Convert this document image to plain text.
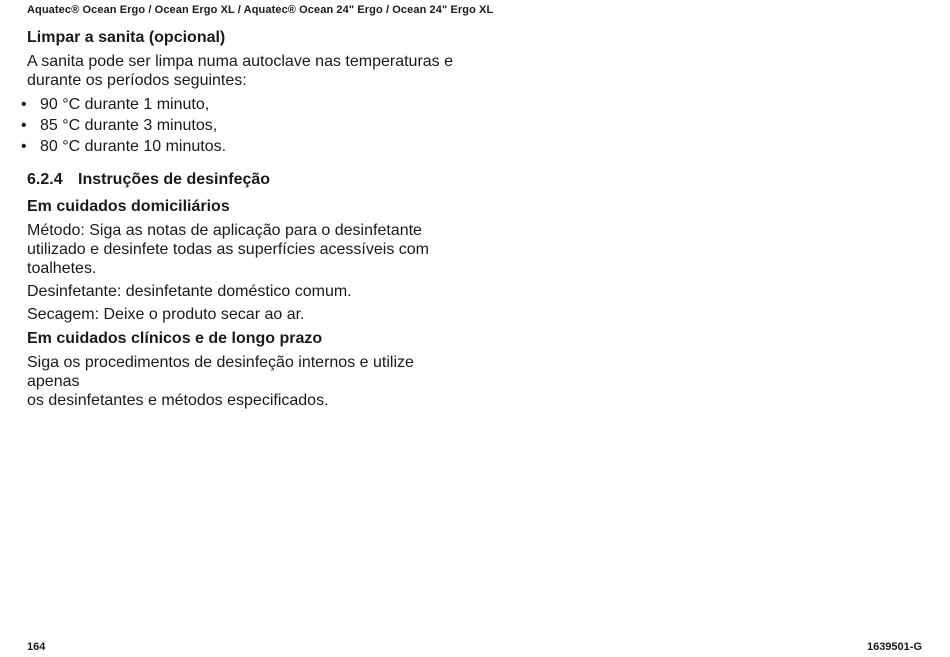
Aquatec® Ocean Ergo / Ocean Ergo XL / Aquatec® Ocean 24" Ergo / Ocean 24" Ergo XL

Limpar a sanita (opcional)

A sanita pode ser limpa numa autoclave nas temperaturas e
durante os períodos seguintes:

• 90 °C durante 1 minuto,
• 85 °C durante 3 minutos,
• 80 °C durante 10 minutos.
6.2.4 Instruções de desinfeção

Em cuidados domiciliários

Método: Siga as notas de aplicação para o desinfetante
utilizado e desinfete todas as superfícies acessíveis com
toalhetes.

Desinfetante: desinfetante doméstico comum.

Secagem: Deixe o produto secar ao ar.

Em cuidados clínicos e de longo prazo

Siga os procedimentos de desinfeção internos e utilize apenas
os desinfetantes e métodos especificados.

164	1639501-G
